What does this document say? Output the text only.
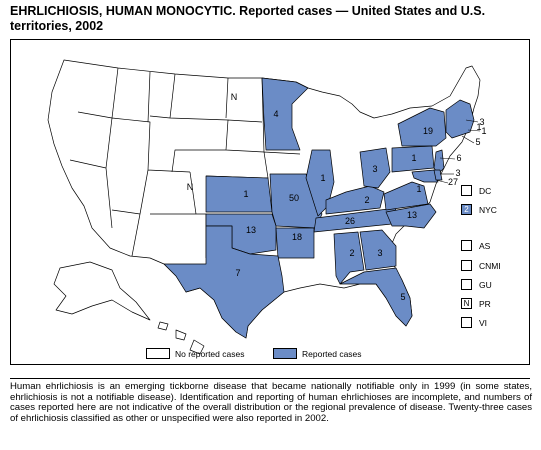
EHRLICHIOSIS, HUMAN MONOCYTIC. Reported cases — United States and U.S. territories, 2002
4
N
N
1	50
1
13
18
7
26
2
3
1
13
2	3
5
19
1	6
3
27
3
1
1
5
DC
2	NYC
AS
CNMI
GU
N	PR
VI
No reported cases	Reported cases
Human ehrlichiosis is an emerging tickborne disease that became nationally notifiable only in 1999 (in some states, ehrlichiosis is not a notifiable disease). Identification and reporting of human ehrlichioses are incomplete, and numbers of cases reported here are not indicative of the overall distribution or the regional prevalence of disease. Twenty-three cases of ehrlichiosis classified as other or unspecified were also reported in 2002.
